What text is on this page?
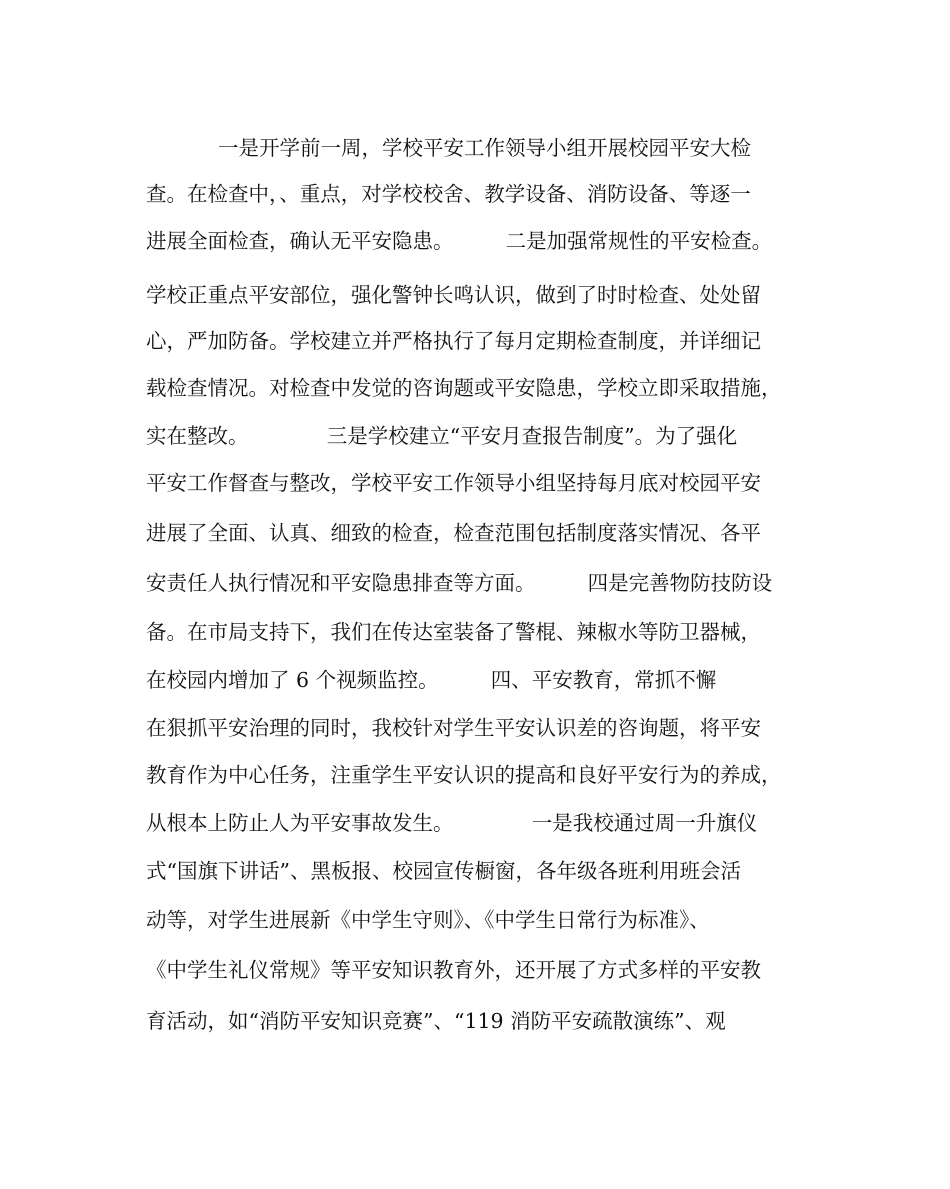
一是开学前一周，学校平安工作领导小组开展校园平安大检
查。在检查中，、重点，对学校校舍、教学设备、消防设备、等逐一
进展全面检查，确认无平安隐患。        二是加强常规性的平安检查。
学校正重点平安部位，强化警钟长鸣认识，做到了时时检查、处处留
心，严加防备。学校建立并严格执行了每月定期检查制度，并详细记
载检查情况。对检查中发觉的咨询题或平安隐患，学校立即采取措施，
实在整改。            三是学校建立“平安月查报告制度”。为了强化
平安工作督查与整改，学校平安工作领导小组坚持每月底对校园平安
进展了全面、认真、细致的检查，检查范围包括制度落实情况、各平
安责任人执行情况和平安隐患排查等方面。        四是完善物防技防设
备。在市局支持下，我们在传达室装备了警棍、辣椒水等防卫器械，
在校园内增加了 6 个视频监控。        四、平安教育，常抓不懈
在狠抓平安治理的同时，我校针对学生平安认识差的咨询题，将平安
教育作为中心任务，注重学生平安认识的提高和良好平安行为的养成，
从根本上防止人为平安事故发生。            一是我校通过周一升旗仪
式“国旗下讲话”、黑板报、校园宣传橱窗，各年级各班利用班会活
动等，对学生进展新《中学生守则》、《中学生日常行为标准》、
《中学生礼仪常规》等平安知识教育外，还开展了方式多样的平安教
育活动，如“消防平安知识竞赛”、“119 消防平安疏散演练”、观
